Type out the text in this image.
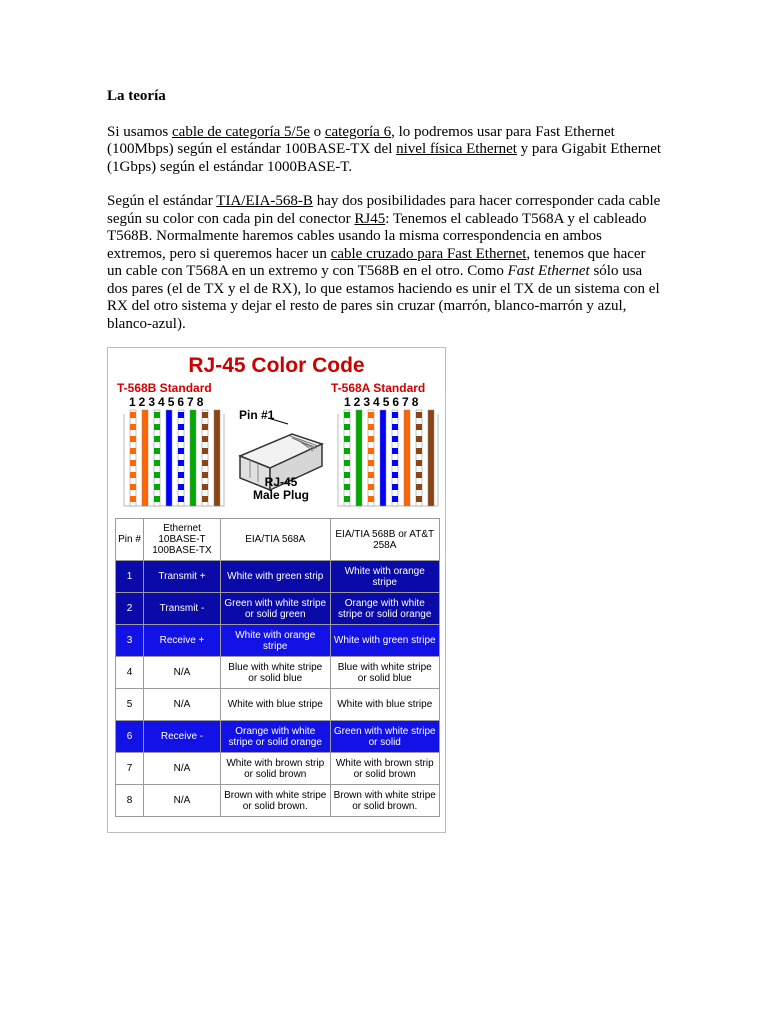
La teoría

Si usamos cable de categoría 5/5e o categoría 6, lo podremos usar para Fast Ethernet (100Mbps) según el estándar 100BASE-TX del nivel física Ethernet y para Gigabit Ethernet (1Gbps) según el estándar 1000BASE-T.

Según el estándar TIA/EIA-568-B hay dos posibilidades para hacer corresponder cada cable según su color con cada pin del conector RJ45: Tenemos el cableado T568A y el cableado T568B. Normalmente haremos cables usando la misma correspondencia en ambos extremos, pero si queremos hacer un cable cruzado para Fast Ethernet, tenemos que hacer un cable con T568A en un extremo y con T568B en el otro. Como Fast Ethernet sólo usa dos pares (el de TX y el de RX), lo que estamos haciendo es unir el TX de un sistema con el RX del otro sistema y dejar el resto de pares sin cruzar (marrón, blanco-marrón y azul, blanco-azul).

RJ-45 Color Code
T-568B Standard	T-568A Standard
12345678	12345678
Pin #1
RJ-45
Male Plug
Pin #	Ethernet 10BASE-T 100BASE-TX	EIA/TIA 568A	EIA/TIA 568B or AT&T 258A
1	Transmit +	White with green strip	White with orange stripe
2	Transmit -	Green with white stripe or solid green	Orange with white stripe or solid orange
3	Receive +	White with orange stripe	White with green stripe
4	N/A	Blue with white stripe or solid blue	Blue with white stripe or solid blue
5	N/A	White with blue stripe	White with blue stripe
6	Receive -	Orange with white stripe or solid orange	Green with white stripe or solid
7	N/A	White with brown strip or solid brown	White with brown strip or solid brown
8	N/A	Brown with white stripe or solid brown.	Brown with white stripe or solid brown.
